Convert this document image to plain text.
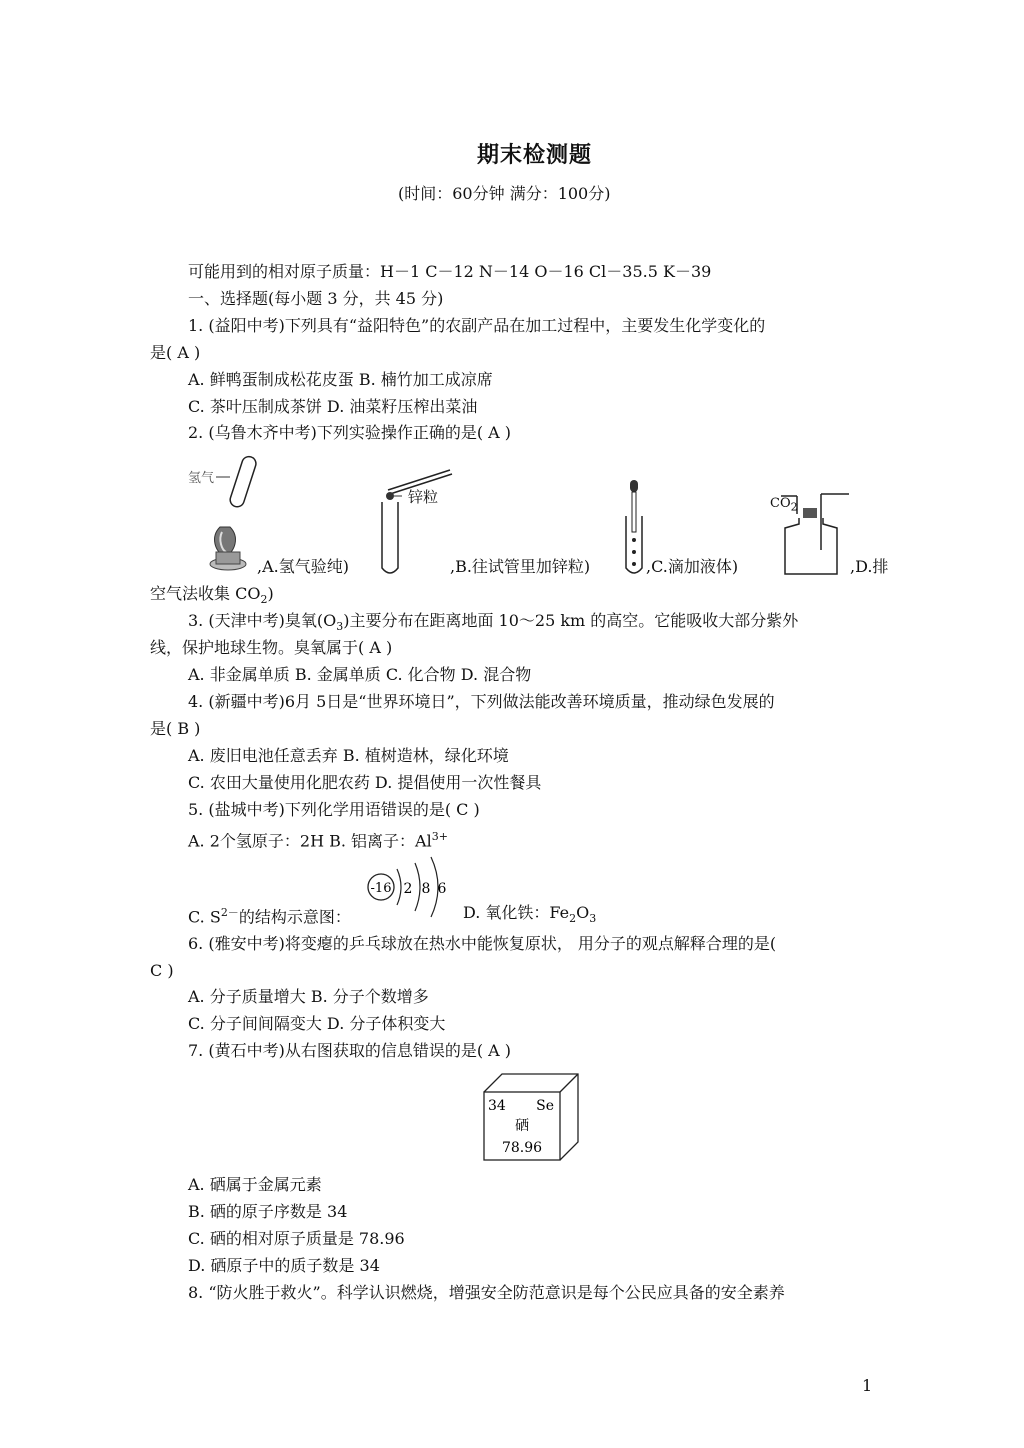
期末检测题
(时间：60分钟 满分：100分)
可能用到的相对原子质量：H－1 C－12 N－14 O－16 Cl－35.5 K－39
一、选择题(每小题 3 分，共 45 分)
1. (益阳中考)下列具有“益阳特色”的农副产品在加工过程中，主要发生化学变化的
是( A )
A. 鲜鸭蛋制成松花皮蛋 B. 楠竹加工成凉席
C. 茶叶压制成茶饼 D. 油菜籽压榨出菜油
2. (乌鲁木齐中考)下列实验操作正确的是( A )
氢气
,A.氢气验纯)
锌粒
,B.往试管里加锌粒)	,C.滴加液体)
$CO_2$
,D.排
空气法收集 $CO_2$)
3. (天津中考)臭氧$(O_3)$主要分布在距离地面 10～25 km 的高空。它能吸收大部分紫外
线，保护地球生物。臭氧属于( A )
A. 非金属单质 B. 金属单质 C. 化合物 D. 混合物
4. (新疆中考)6月 5日是“世界环境日”，下列做法能改善环境质量，推动绿色发展的
是( B )
A. 废旧电池任意丢弃 B. 植树造林，绿化环境
C. 农田大量使用化肥农药 D. 提倡使用一次性餐具
5. (盐城中考)下列化学用语错误的是( C )
A. 2个氢原子：2H B. 铝离子：$Al^{3+}$
-16 2 8 6
C. $S^{2-}$的结构示意图：	D. 氧化铁：$Fe_2O_3$
6. (雅安中考)将变瘪的乒乓球放在热水中能恢复原状， 用分子的观点解释合理的是(
C )
A. 分子质量增大 B. 分子个数增多
C. 分子间间隔变大 D. 分子体积变大
7. (黄石中考)从右图获取的信息错误的是( A )
34 Se
硒
78.96
A. 硒属于金属元素
B. 硒的原子序数是 34
C. 硒的相对原子质量是 78.96
D. 硒原子中的质子数是 34
8. “防火胜于救火”。科学认识燃烧，增强安全防范意识是每个公民应具备的安全素养
1
